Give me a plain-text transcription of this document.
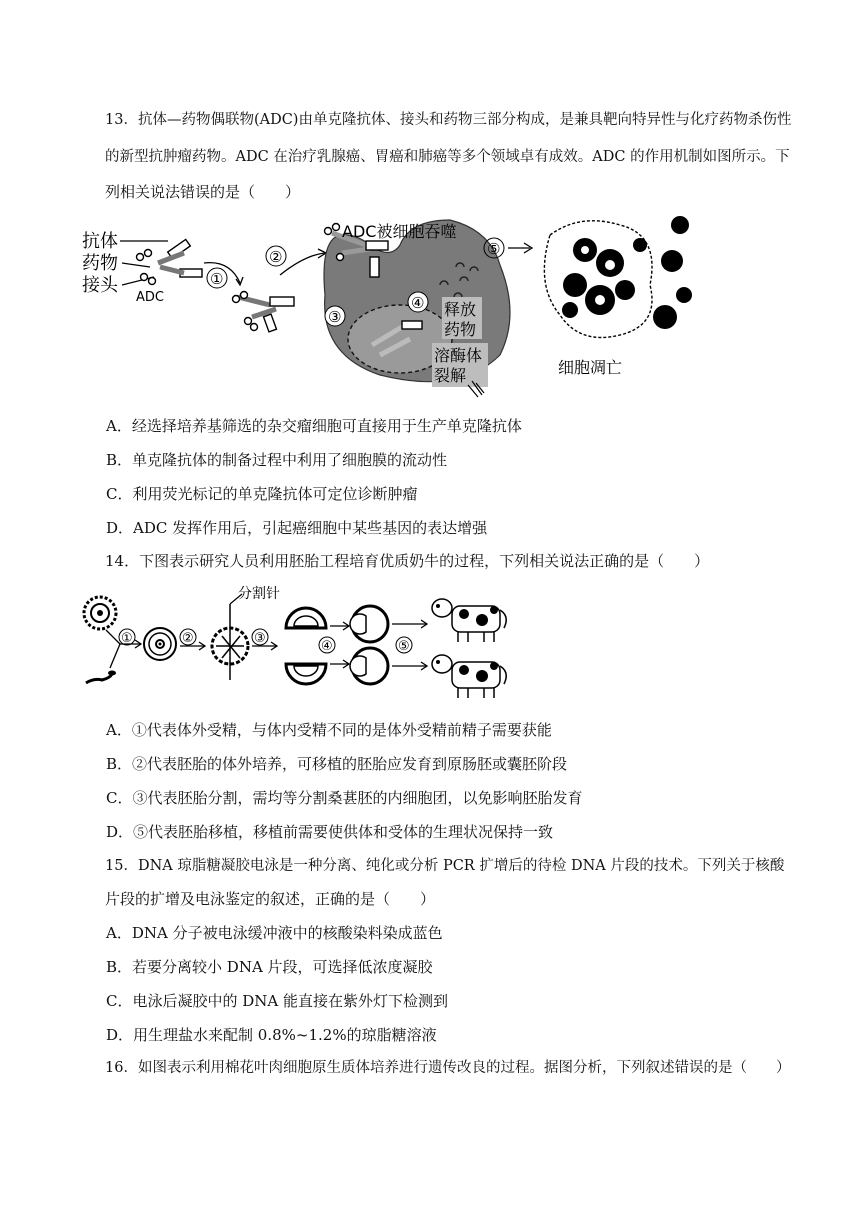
13．抗体—药物偶联物(ADC)由单克隆抗体、接头和药物三部分构成，是兼具靶向特异性与化疗药物杀伤性
的新型抗肿瘤药物。ADC 在治疗乳腺癌、胃癌和肺癌等多个领域卓有成效。ADC 的作用机制如图所示。下
列相关说法错误的是（　　）
抗体
药物
接头
ADC
①
②
ADC被细胞吞噬
③
④ 释放
药物
溶酶体
裂解
⑤
细胞凋亡
A．经选择培养基筛选的杂交瘤细胞可直接用于生产单克隆抗体
B．单克隆抗体的制备过程中利用了细胞膜的流动性
C．利用荧光标记的单克隆抗体可定位诊断肿瘤
D．ADC 发挥作用后，引起癌细胞中某些基因的表达增强
14．下图表示研究人员利用胚胎工程培育优质奶牛的过程，下列相关说法正确的是（　　）
①	②
分割针
③
④	⑤
A．①代表体外受精，与体内受精不同的是体外受精前精子需要获能
B．②代表胚胎的体外培养，可移植的胚胎应发育到原肠胚或囊胚阶段
C．③代表胚胎分割，需均等分割桑葚胚的内细胞团，以免影响胚胎发育
D．⑤代表胚胎移植，移植前需要使供体和受体的生理状况保持一致
15．DNA 琼脂糖凝胶电泳是一种分离、纯化或分析 PCR 扩增后的待检 DNA 片段的技术。下列关于核酸
片段的扩增及电泳鉴定的叙述，正确的是（　　）
A．DNA 分子被电泳缓冲液中的核酸染料染成蓝色
B．若要分离较小 DNA 片段，可选择低浓度凝胶
C．电泳后凝胶中的 DNA 能直接在紫外灯下检测到
D．用生理盐水来配制 0.8%~1.2%的琼脂糖溶液
16．如图表示利用棉花叶肉细胞原生质体培养进行遗传改良的过程。据图分析，下列叙述错误的是（　　）
